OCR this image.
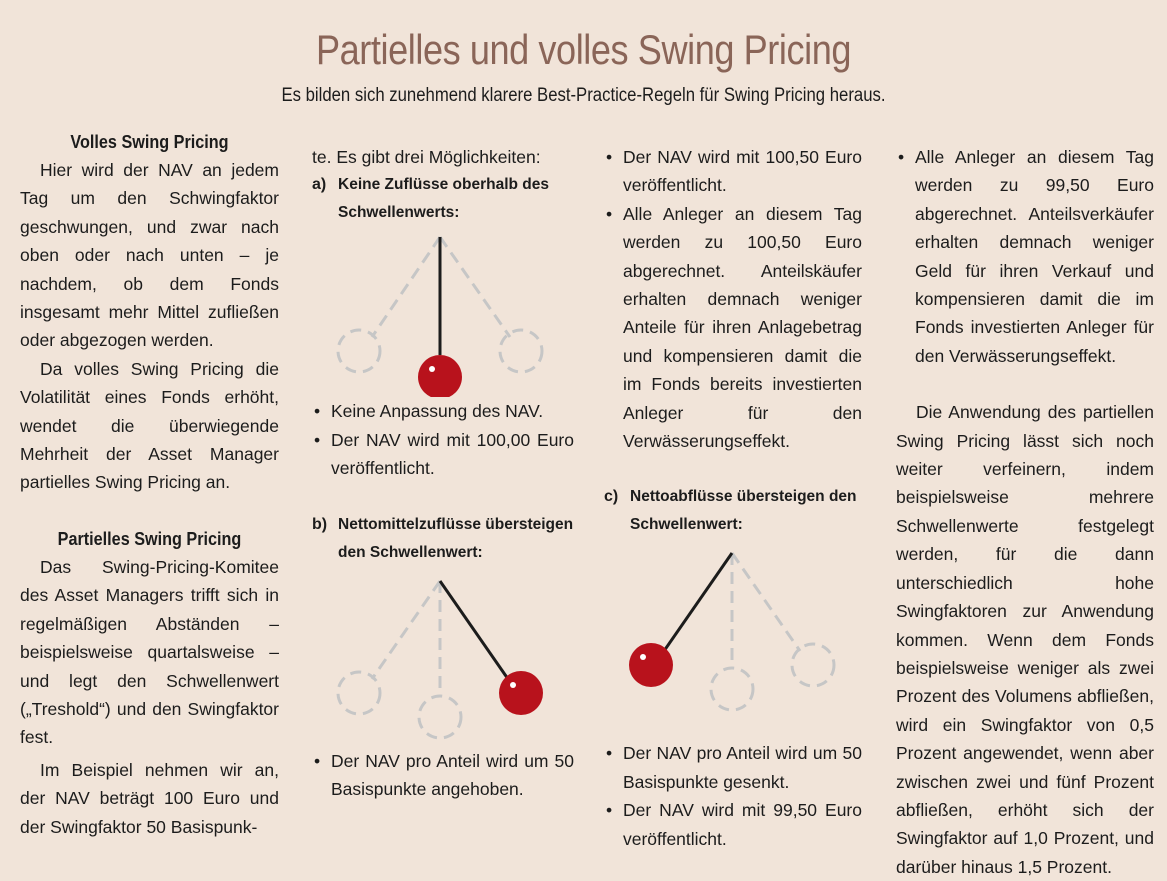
Partielles und volles Swing Pricing
Es bilden sich zunehmend klarere Best-Practice-Regeln für Swing Pricing heraus.
Volles Swing Pricing

Hier wird der NAV an jedem Tag um den Schwingfaktor geschwungen, und zwar nach oben oder nach unten – je nachdem, ob dem Fonds insgesamt mehr Mittel zufließen oder abgezogen werden.

Da volles Swing Pricing die Volatilität eines Fonds erhöht, wendet die überwiegende Mehrheit der Asset Manager partielles Swing Pricing an.

Partielles Swing Pricing

Das Swing-Pricing-Komitee des Asset Managers trifft sich in regelmäßigen Abständen – beispielsweise quartalsweise – und legt den Schwellenwert („Treshold“) und den Swingfaktor fest.

Im Beispiel nehmen wir an, der NAV beträgt 100 Euro und der Swingfaktor 50 Basispunk-

te. Es gibt drei Möglichkeiten:

a) Keine Zuflüsse oberhalb des Schwellenwerts:
• Keine Anpassung des NAV.
• Der NAV wird mit 100,00 Euro veröffentlicht.
b) Nettomittelzuflüsse übersteigen den Schwellenwert:
• Der NAV pro Anteil wird um 50 Basispunkte angehoben.
• Der NAV wird mit 100,50 Euro veröffentlicht.
• Alle Anleger an diesem Tag werden zu 100,50 Euro abgerechnet. Anteilskäufer erhalten demnach weniger Anteile für ihren Anlagebetrag und kompensieren damit die im Fonds bereits investierten Anleger für den Verwässerungseffekt.
c) Nettoabflüsse übersteigen den Schwellenwert:
• Der NAV pro Anteil wird um 50 Basispunkte gesenkt.
• Der NAV wird mit 99,50 Euro veröffentlicht.
• Alle Anleger an diesem Tag werden zu 99,50 Euro abgerechnet. Anteilsverkäufer erhalten demnach weniger Geld für ihren Verkauf und kompensieren damit die im Fonds investierten Anleger für den Verwässerungseffekt.

Die Anwendung des partiellen Swing Pricing lässt sich noch weiter verfeinern, indem beispielsweise mehrere Schwellenwerte festgelegt werden, für die dann unterschiedlich hohe Swingfaktoren zur Anwendung kommen. Wenn dem Fonds beispielsweise weniger als zwei Prozent des Volumens abfließen, wird ein Swingfaktor von 0,5 Prozent angewendet, wenn aber zwischen zwei und fünf Prozent abfließen, erhöht sich der Swingfaktor auf 1,0 Prozent, und darüber hinaus 1,5 Prozent.
